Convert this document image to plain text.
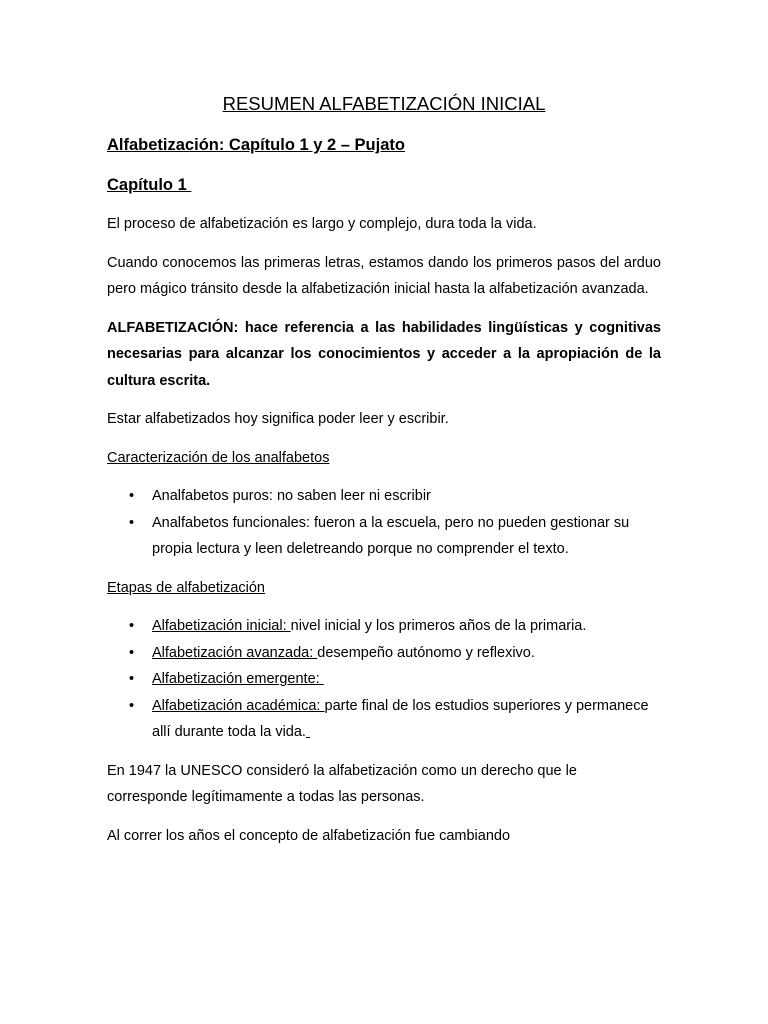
RESUMEN ALFABETIZACIÓN INICIAL
Alfabetización: Capítulo 1 y 2 – Pujato
Capítulo 1

El proceso de alfabetización es largo y complejo, dura toda la vida.

Cuando conocemos las primeras letras, estamos dando los primeros pasos del arduo pero mágico tránsito desde la alfabetización inicial hasta la alfabetización avanzada.

ALFABETIZACIÓN: hace referencia a las habilidades lingüísticas y cognitivas necesarias para alcanzar los conocimientos y acceder a la apropiación de la cultura escrita.

Estar alfabetizados hoy significa poder leer y escribir.

Caracterización de los analfabetos

• Analfabetos puros: no saben leer ni escribir
• Analfabetos funcionales: fueron a la escuela, pero no pueden gestionar su propia lectura y leen deletreando porque no comprender el texto.

Etapas de alfabetización

• Alfabetización inicial: nivel inicial y los primeros años de la primaria.
• Alfabetización avanzada: desempeño autónomo y reflexivo.
• Alfabetización emergente:
• Alfabetización académica: parte final de los estudios superiores y permanece allí durante toda la vida.

En 1947 la UNESCO consideró la alfabetización como un derecho que le corresponde legítimamente a todas las personas.

Al correr los años el concepto de alfabetización fue cambiando
